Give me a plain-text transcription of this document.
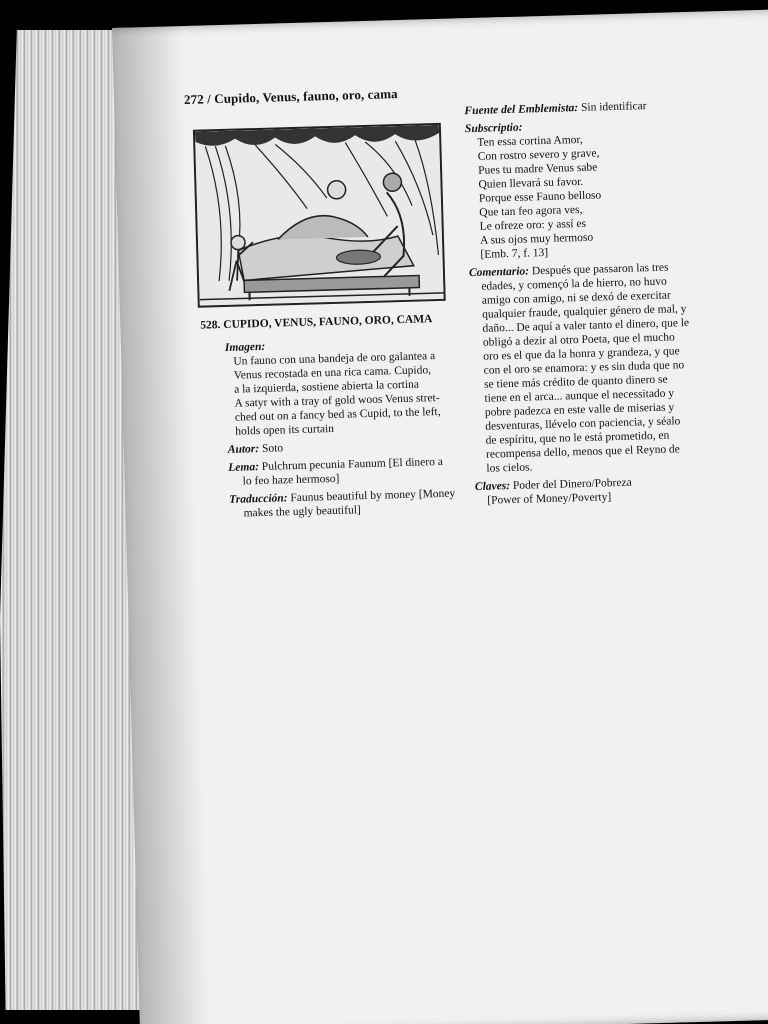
272 / Cupido, Venus, fauno, oro, cama
528. CUPIDO, VENUS, FAUNO, ORO, CAMA
Imagen:
Un fauno con una bandeja de oro galantea a
Venus recostada en una rica cama. Cupido,
a la izquierda, sostiene abierta la cortina
A satyr with a tray of gold woos Venus stret-
ched out on a fancy bed as Cupid, to the left,
holds open its curtain
Autor: Soto
Lema: Pulchrum pecunia Faunum [El dinero a
lo feo haze hermoso]
Traducción: Faunus beautiful by money [Money
makes the ugly beautiful]
Fuente del Emblemista: Sin identificar
Subscriptio:
Ten essa cortina Amor,
Con rostro severo y grave,
Pues tu madre Venus sabe
Quien llevará su favor.
Porque esse Fauno belloso
Que tan feo agora ves,
Le ofreze oro: y assí es
A sus ojos muy hermoso
[Emb. 7, f. 13]
Comentario: Después que passaron las tres
edades, y començó la de hierro, no huvo
amigo con amigo, ni se dexó de exercitar
qualquier fraude, qualquier género de mal, y
daño... De aquí a valer tanto el dinero, que le
obligó a dezir al otro Poeta, que el mucho
oro es el que da la honra y grandeza, y que
con el oro se enamora: y es sin duda que no
se tiene más crédito de quanto dinero se
tiene en el arca... aunque el necessitado y
pobre padezca en este valle de miserias y
desventuras, llévelo con paciencia, y séalo
de espíritu, que no le está prometido, en
recompensa dello, menos que el Reyno de
los cielos.
Claves: Poder del Dinero/Pobreza
[Power of Money/Poverty]
